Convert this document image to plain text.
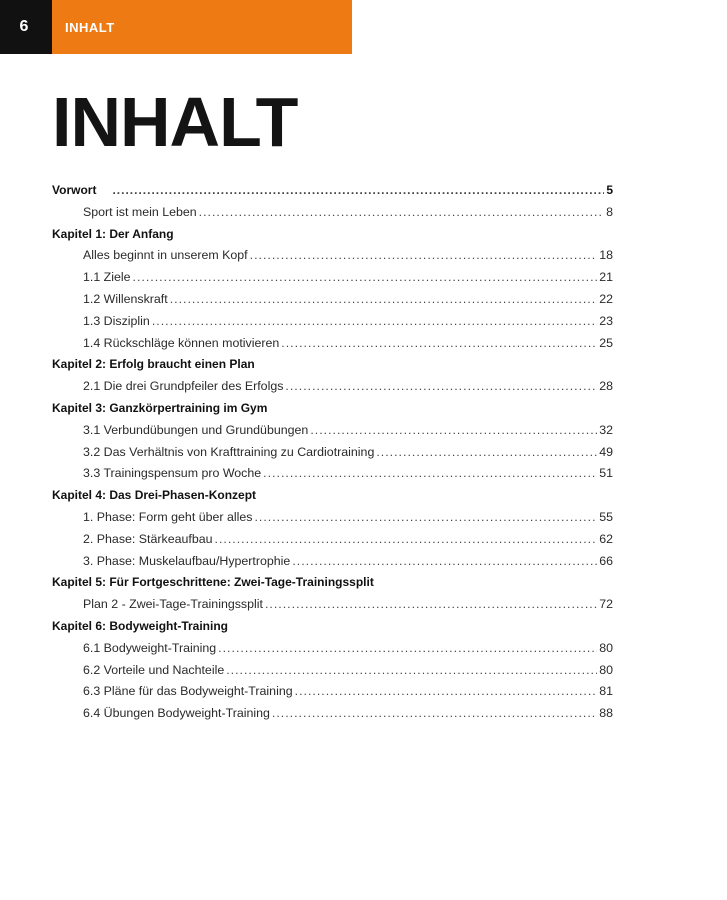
6	INHALT
INHALT
Vorwort .....	5
Sport ist mein Leben .....	8
Kapitel 1: Der Anfang
Alles beginnt in unserem Kopf .....	18
1.1 Ziele .....	21
1.2 Willenskraft .....	22
1.3 Disziplin .....	23
1.4 Rückschläge können motivieren .....	25
Kapitel 2: Erfolg braucht einen Plan
2.1 Die drei Grundpfeiler des Erfolgs .....	28
Kapitel 3: Ganzkörpertraining im Gym
3.1 Verbundübungen und Grundübungen .....	32
3.2 Das Verhältnis von Krafttraining zu Cardiotraining .....	49
3.3 Trainingspensum pro Woche .....	51
Kapitel 4: Das Drei-Phasen-Konzept
1. Phase: Form geht über alles .....	55
2. Phase: Stärkeaufbau .....	62
3. Phase: Muskelaufbau/Hypertrophie .....	66
Kapitel 5: Für Fortgeschrittene: Zwei-Tage-Trainingssplit
Plan 2 - Zwei-Tage-Trainingssplit .....	72
Kapitel 6: Bodyweight-Training
6.1 Bodyweight-Training .....	80
6.2 Vorteile und Nachteile .....	80
6.3 Pläne für das Bodyweight-Training .....	81
6.4 Übungen Bodyweight-Training .....	88
